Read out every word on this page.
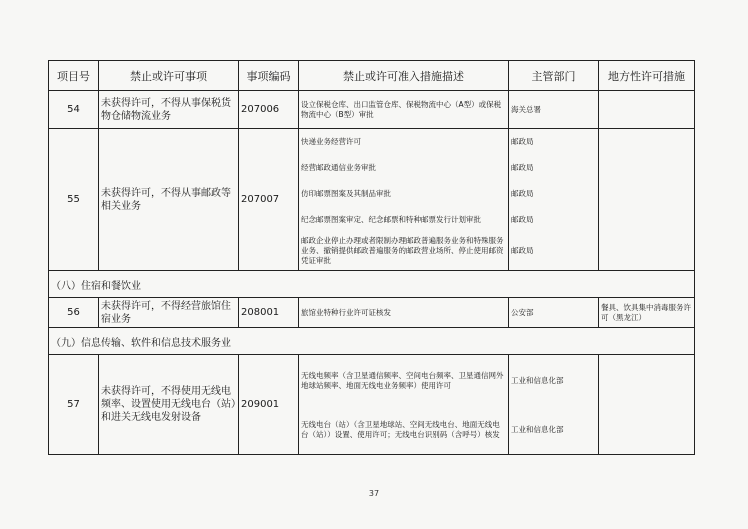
项目号	禁止或许可事项	事项编码	禁止或许可准入措施描述	主管部门	地方性许可措施
54	未获得许可，不得从事保税货物仓储物流业务	207006	设立保税仓库、出口监管仓库、保税物流中心（A型）或保税物流中心（B型）审批	海关总署	
55	未获得许可，不得从事邮政等相关业务	207007	快递业务经营许可	邮政局	
			经营邮政通信业务审批	邮政局	
			仿印邮票图案及其制品审批	邮政局	
			纪念邮票图案审定、纪念邮票和特种邮票发行计划审批	邮政局	
			邮政企业停止办理或者限制办理邮政普遍服务业务和特殊服务业务、撤销提供邮政普遍服务的邮政营业场所、停止使用邮资凭证审批	邮政局	
（八）住宿和餐饮业					
56	未获得许可，不得经营旅馆住宿业务	208001	旅馆业特种行业许可证核发	公安部	餐具、饮具集中消毒服务许可（黑龙江）
（九）信息传输、软件和信息技术服务业					
57	未获得许可，不得使用无线电频率、设置使用无线电台（站）和进关无线电发射设备	209001	无线电频率（含卫星通信频率、空间电台频率、卫星通信网外地球站频率、地面无线电业务频率）使用许可	工业和信息化部	
			无线电台（站）（含卫星地球站、空间无线电台、地面无线电台（站））设置、使用许可；无线电台识别码（含呼号）核发	工业和信息化部	
37
